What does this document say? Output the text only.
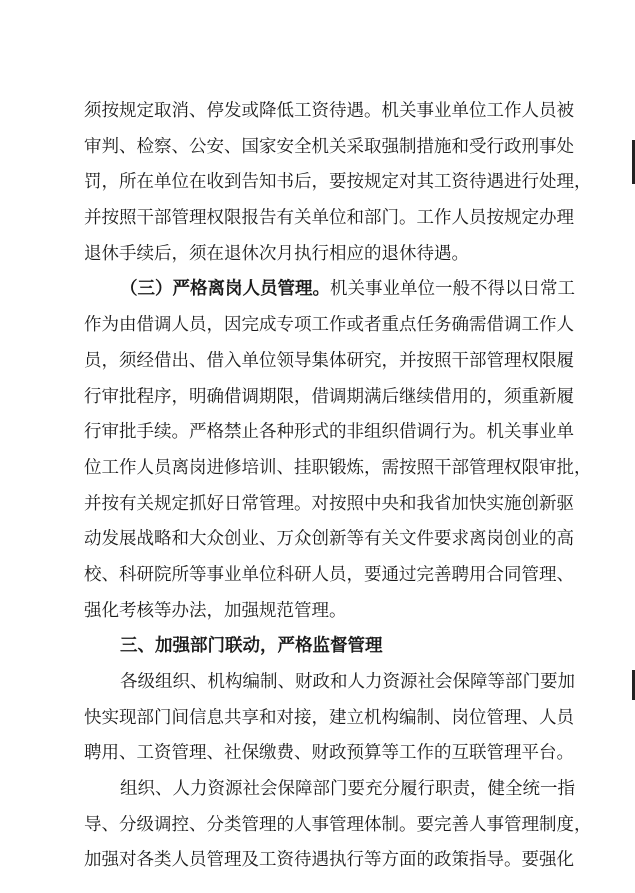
须按规定取消、停发或降低工资待遇。机关事业单位工作人员被
审判、检察、公安、国家安全机关采取强制措施和受行政刑事处
罚，所在单位在收到告知书后，要按规定对其工资待遇进行处理，
并按照干部管理权限报告有关单位和部门。工作人员按规定办理
退休手续后，须在退休次月执行相应的退休待遇。
（三）严格离岗人员管理。机关事业单位一般不得以日常工
作为由借调人员，因完成专项工作或者重点任务确需借调工作人
员，须经借出、借入单位领导集体研究，并按照干部管理权限履
行审批程序，明确借调期限，借调期满后继续借用的，须重新履
行审批手续。严格禁止各种形式的非组织借调行为。机关事业单
位工作人员离岗进修培训、挂职锻炼，需按照干部管理权限审批，
并按有关规定抓好日常管理。对按照中央和我省加快实施创新驱
动发展战略和大众创业、万众创新等有关文件要求离岗创业的高
校、科研院所等事业单位科研人员，要通过完善聘用合同管理、
强化考核等办法，加强规范管理。
三、加强部门联动，严格监督管理
各级组织、机构编制、财政和人力资源社会保障等部门要加
快实现部门间信息共享和对接，建立机构编制、岗位管理、人员
聘用、工资管理、社保缴费、财政预算等工作的互联管理平台。
组织、人力资源社会保障部门要充分履行职责，健全统一指
导、分级调控、分类管理的人事管理体制。要完善人事管理制度，
加强对各类人员管理及工资待遇执行等方面的政策指导。要强化
